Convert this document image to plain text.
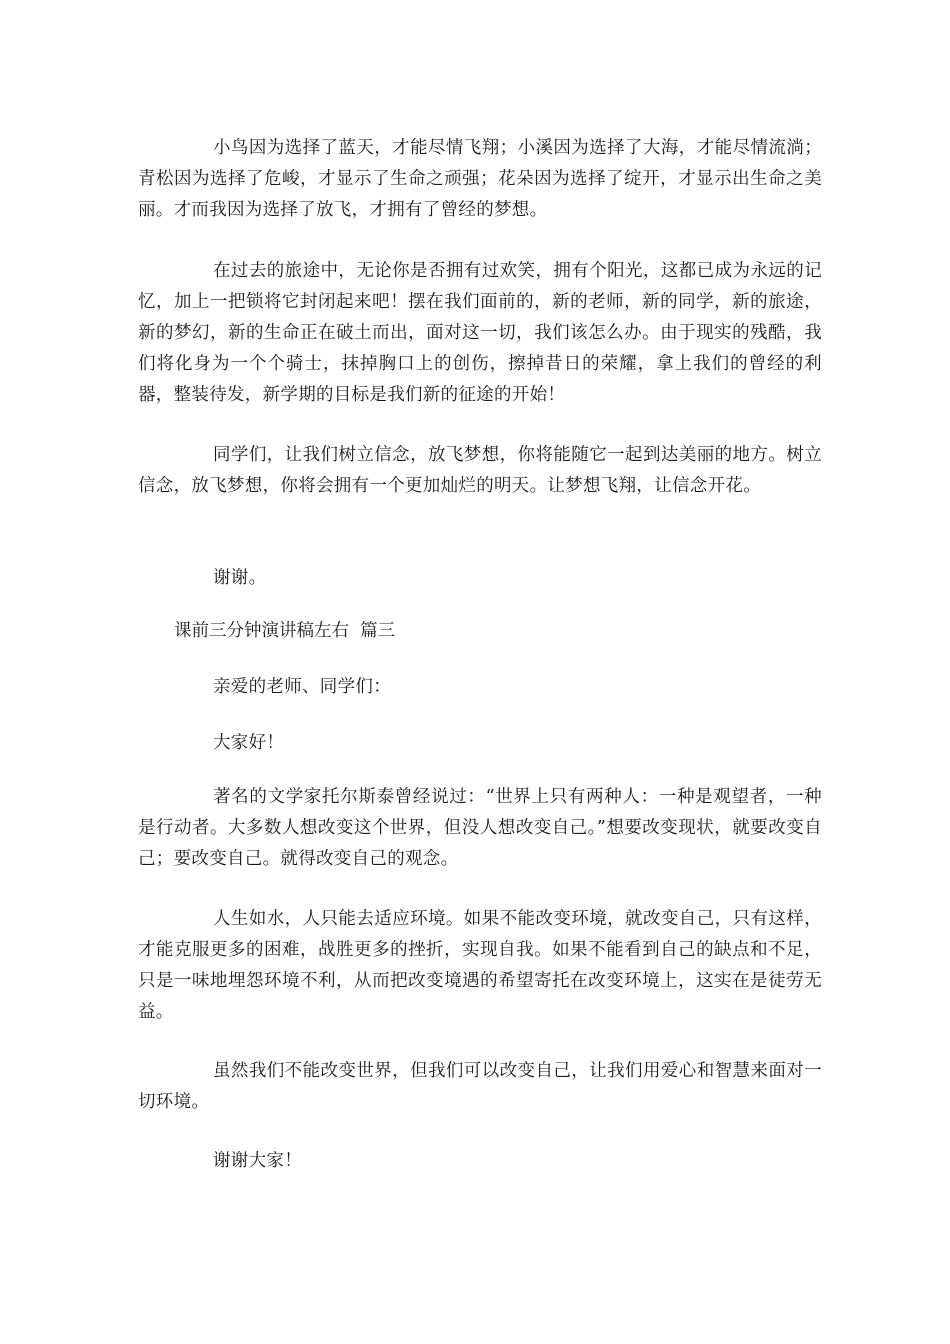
小鸟因为选择了蓝天，才能尽情飞翔；小溪因为选择了大海，才能尽情流淌；青松因为选择了危峻，才显示了生命之顽强；花朵因为选择了绽开，才显示出生命之美丽。才而我因为选择了放飞，才拥有了曾经的梦想。

在过去的旅途中，无论你是否拥有过欢笑，拥有个阳光，这都已成为永远的记忆，加上一把锁将它封闭起来吧！摆在我们面前的，新的老师，新的同学，新的旅途，新的梦幻，新的生命正在破土而出，面对这一切，我们该怎么办。由于现实的残酷，我们将化身为一个个骑士，抹掉胸口上的创伤，擦掉昔日的荣耀，拿上我们的曾经的利器，整装待发，新学期的目标是我们新的征途的开始！

同学们，让我们树立信念，放飞梦想，你将能随它一起到达美丽的地方。树立信念，放飞梦想，你将会拥有一个更加灿烂的明天。让梦想飞翔，让信念开花。

谢谢。

课前三分钟演讲稿左右  篇三

亲爱的老师、同学们：

大家好！

著名的文学家托尔斯泰曾经说过：“世界上只有两种人：一种是观望者，一种是行动者。大多数人想改变这个世界，但没人想改变自己。”想要改变现状，就要改变自己；要改变自己。就得改变自己的观念。

人生如水，人只能去适应环境。如果不能改变环境，就改变自己，只有这样，才能克服更多的困难，战胜更多的挫折，实现自我。如果不能看到自己的缺点和不足，只是一味地埋怨环境不利，从而把改变境遇的希望寄托在改变环境上，这实在是徒劳无益。

虽然我们不能改变世界，但我们可以改变自己，让我们用爱心和智慧来面对一切环境。

谢谢大家！
